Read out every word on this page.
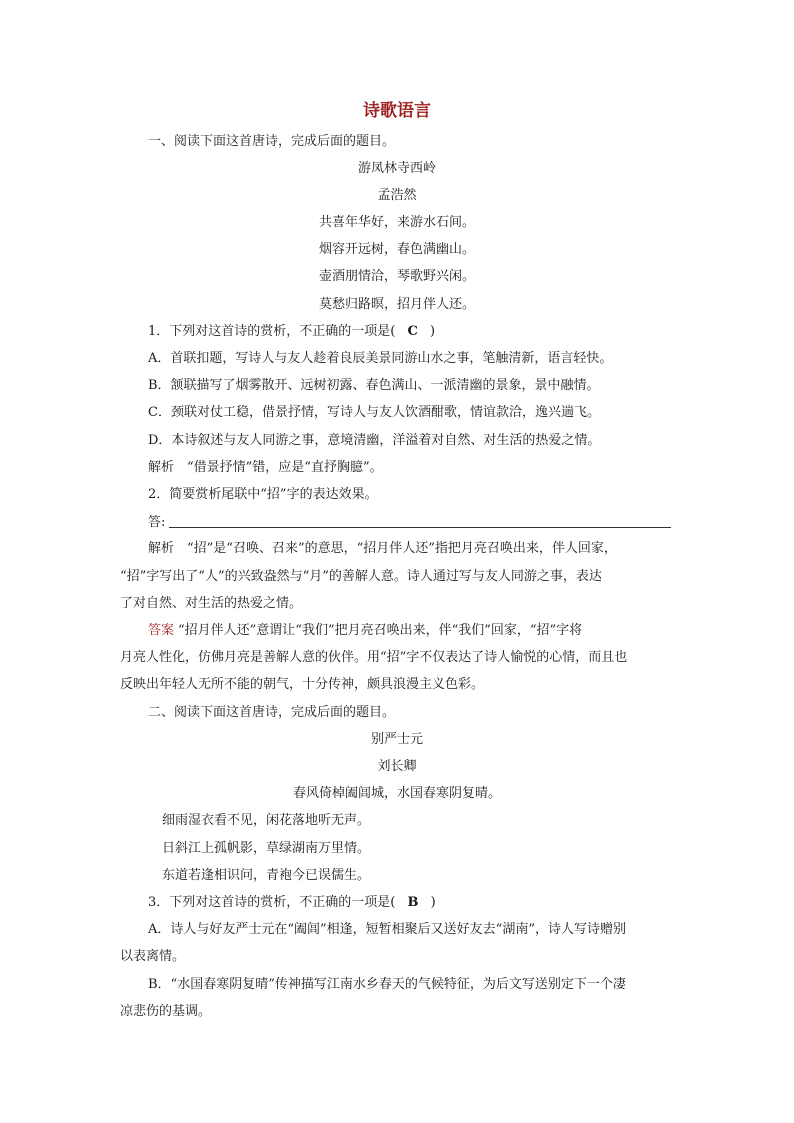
诗歌语言
一、阅读下面这首唐诗，完成后面的题目。
游凤林寺西岭
孟浩然
共喜年华好，来游水石间。
烟容开远树，春色满幽山。
壶酒朋情洽，琴歌野兴闲。
莫愁归路暝，招月伴人还。
1．下列对这首诗的赏析，不正确的一项是( C )
A．首联扣题，写诗人与友人趁着良辰美景同游山水之事，笔触清新，语言轻快。
B．颔联描写了烟雾散开、远树初露、春色满山、一派清幽的景象，景中融情。
C．颈联对仗工稳，借景抒情，写诗人与友人饮酒酣歌，情谊款洽，逸兴遄飞。
D．本诗叙述与友人同游之事，意境清幽，洋溢着对自然、对生活的热爱之情。
解析　“借景抒情”错，应是“直抒胸臆”。
2．简要赏析尾联中“招”字的表达效果。
答:
解析　“招”是“召唤、召来”的意思，“招月伴人还”指把月亮召唤出来，伴人回家，
“招”字写出了“人”的兴致盎然与“月”的善解人意。诗人通过写与友人同游之事，表达
了对自然、对生活的热爱之情。
答案 “招月伴人还”意谓让“我们”把月亮召唤出来，伴“我们”回家，“招”字将
月亮人性化，仿佛月亮是善解人意的伙伴。用“招”字不仅表达了诗人愉悦的心情，而且也
反映出年轻人无所不能的朝气，十分传神，颇具浪漫主义色彩。
二、阅读下面这首唐诗，完成后面的题目。
别严士元
刘长卿
春风倚棹阖闾城，水国春寒阴复晴。
细雨湿衣看不见，闲花落地听无声。
日斜江上孤帆影，草绿湖南万里情。
东道若逢相识问，青袍今已误儒生。
3．下列对这首诗的赏析，不正确的一项是( B )
A．诗人与好友严士元在“阖闾”相逢，短暂相聚后又送好友去“湖南”，诗人写诗赠别
以表离情。
B．“水国春寒阴复晴”传神描写江南水乡春天的气候特征，为后文写送别定下一个凄
凉悲伤的基调。
